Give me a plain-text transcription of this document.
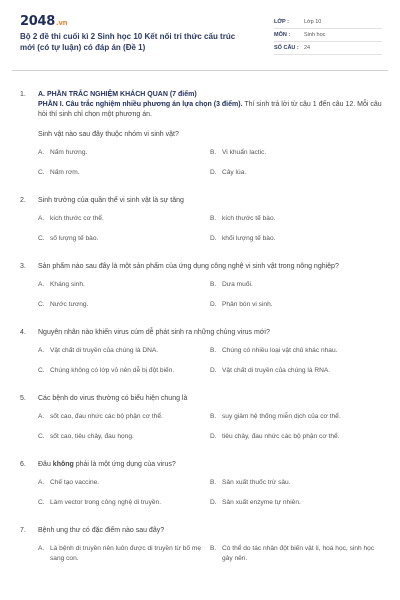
2048.vn
Bộ 2 đề thi cuối kì 2 Sinh học 10 Kết nối tri thức cấu trúc mới (có tự luận) có đáp án (Đề 1)
LỚP :	Lớp 10
MÔN :	Sinh học
SỐ CÂU : 24
1.	A. PHẦN TRẮC NGHIỆM KHÁCH QUAN (7 điểm)
PHẦN I. Câu trắc nghiệm nhiều phương án lựa chọn (3 điểm). Thí sinh trả lời từ câu 1 đến câu 12. Mỗi câu hỏi thí sinh chỉ chọn một phương án.
Sinh vật nào sau đây thuộc nhóm vi sinh vật?
A. Nấm hương.	B. Vi khuẩn lactic.
C. Nấm rơm.	D. Cây lúa.
2.	Sinh trưởng của quần thể vi sinh vật là sự tăng
A. kích thước cơ thể.	B. kích thước tế bào.
C. số lượng tế bào.	D. khối lượng tế bào.
3.	Sản phẩm nào sau đây là một sản phẩm của ứng dụng công nghệ vi sinh vật trong nông nghiệp?
A. Kháng sinh.	B. Dưa muối.
C. Nước tương.	D. Phân bón vi sinh.
4.	Nguyên nhân nào khiến virus cúm dễ phát sinh ra những chủng virus mới?
A. Vật chất di truyền của chúng là DNA.	B. Chúng có nhiều loại vật chủ khác nhau.
C. Chúng không có lớp vỏ nên dễ bị đột biến.	D. Vật chất di truyền của chúng là RNA.
5.	Các bệnh do virus thường có biểu hiện chung là
A. sốt cao, đau nhức các bộ phận cơ thể.	B. suy giảm hệ thống miễn dịch của cơ thể.
C. sốt cao, tiêu chảy, đau họng.	D. tiêu chảy, đau nhức các bộ phận cơ thể.
6.	Đâu không phải là một ứng dụng của virus?
A. Chế tạo vaccine.	B. Sản xuất thuốc trừ sâu.
C. Làm vector trong công nghệ di truyền.	D. Sản xuất enzyme tự nhiên.
7.	Bệnh ung thư có đặc điểm nào sau đây?
A. Là bệnh di truyền nên luôn được di truyền từ bố mẹ sang con.
B. Có thể do tác nhân đột biến vật lí, hoá học, sinh học gây nên.
